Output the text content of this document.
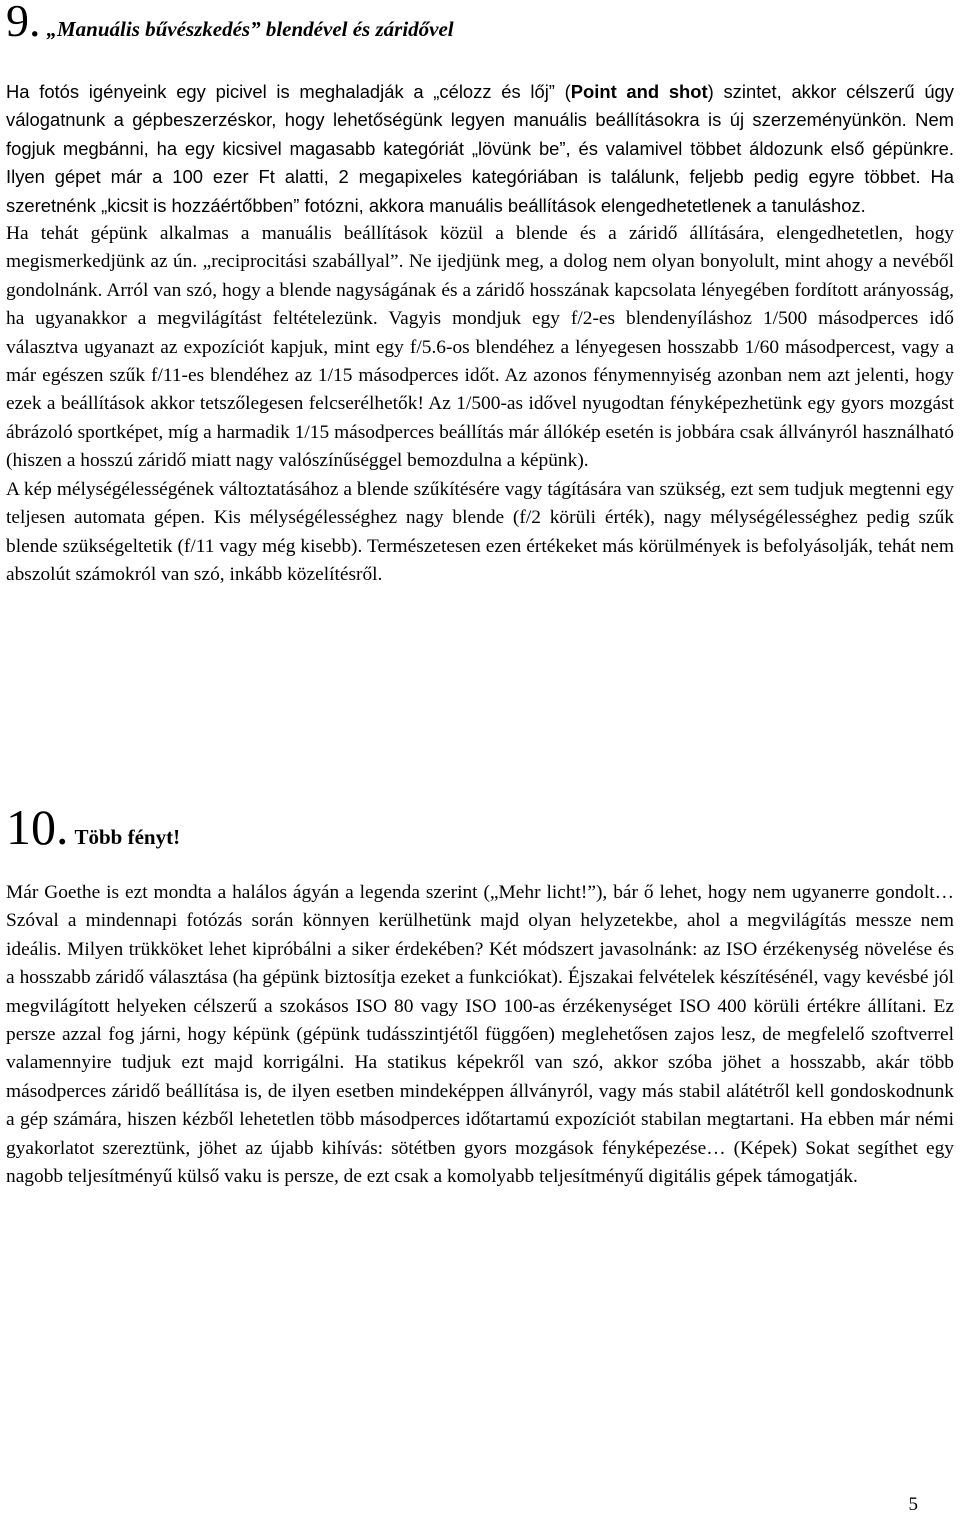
9. „Manuális bűvészkedés” blendével és záridővel
Ha fotós igényeink egy picivel is meghaladják a „célozz és lőj” (Point and shot) szintet, akkor célszerű úgy válogatnunk a gépbeszerzéskor, hogy lehetőségünk legyen manuális beállításokra is új szerzeményünkön. Nem fogjuk megbánni, ha egy kicsivel magasabb kategóriát „lövünk be”, és valamivel többet áldozunk első gépünkre. Ilyen gépet már a 100 ezer Ft alatti, 2 megapixeles kategóriában is találunk, feljebb pedig egyre többet. Ha szeretnénk „kicsit is hozzáértőbben” fotózni, akkora manuális beállítások elengedhetetlenek a tanuláshoz.
Ha tehát gépünk alkalmas a manuális beállítások közül a blende és a záridő állítására, elengedhetetlen, hogy megismerkedjünk az ún. „reciprocitási szabállyal”. Ne ijedjünk meg, a dolog nem olyan bonyolult, mint ahogy a nevéből gondolnánk. Arról van szó, hogy a blende nagyságának és a záridő hosszának kapcsolata lényegében fordított arányosság, ha ugyanakkor a megvilágítást feltételezünk. Vagyis mondjuk egy f/2-es blendenyíláshoz 1/500 másodperces idő választva ugyanazt az expozíciót kapjuk, mint egy f/5.6-os blendéhez a lényegesen hosszabb 1/60 másodpercest, vagy a már egészen szűk f/11-es blendéhez az 1/15 másodperces időt. Az azonos fénymennyiség azonban nem azt jelenti, hogy ezek a beállítások akkor tetszőlegesen felcserélhetők! Az 1/500-as idővel nyugodtan fényképezhetünk egy gyors mozgást ábrázoló sportképet, míg a harmadik 1/15 másodperces beállítás már állókép esetén is jobbára csak állványról használható (hiszen a hosszú záridő miatt nagy valószínűséggel bemozdulna a képünk).
A kép mélységélességének változtatásához a blende szűkítésére vagy tágítására van szükség, ezt sem tudjuk megtenni egy teljesen automata gépen. Kis mélységélességhez nagy blende (f/2 körüli érték), nagy mélységélességhez pedig szűk blende szükségeltetik (f/11 vagy még kisebb). Természetesen ezen értékeket más körülmények is befolyásolják, tehát nem abszolút számokról van szó, inkább közelítésről.
10. Több fényt!
Már Goethe is ezt mondta a halálos ágyán a legenda szerint („Mehr licht!”), bár ő lehet, hogy nem ugyanerre gondolt… Szóval a mindennapi fotózás során könnyen kerülhetünk majd olyan helyzetekbe, ahol a megvilágítás messze nem ideális. Milyen trükköket lehet kipróbálni a siker érdekében? Két módszert javasolnánk: az ISO érzékenység növelése és a hosszabb záridő választása (ha gépünk biztosítja ezeket a funkciókat). Éjszakai felvételek készítésénél, vagy kevésbé jól megvilágított helyeken célszerű a szokásos ISO 80 vagy ISO 100-as érzékenységet ISO 400 körüli értékre állítani. Ez persze azzal fog járni, hogy képünk (gépünk tudásszintjétől függően) meglehetősen zajos lesz, de megfelelő szoftverrel valamennyire tudjuk ezt majd korrigálni. Ha statikus képekről van szó, akkor szóba jöhet a hosszabb, akár több másodperces záridő beállítása is, de ilyen esetben mindeképpen állványról, vagy más stabil alátétről kell gondoskodnunk a gép számára, hiszen kézből lehetetlen több másodperces időtartamú expozíciót stabilan megtartani. Ha ebben már némi gyakorlatot szereztünk, jöhet az újabb kihívás: sötétben gyors mozgások fényképezése… (Képek) Sokat segíthet egy nagobb teljesítményű külső vaku is persze, de ezt csak a komolyabb teljesítményű digitális gépek támogatják.
5
